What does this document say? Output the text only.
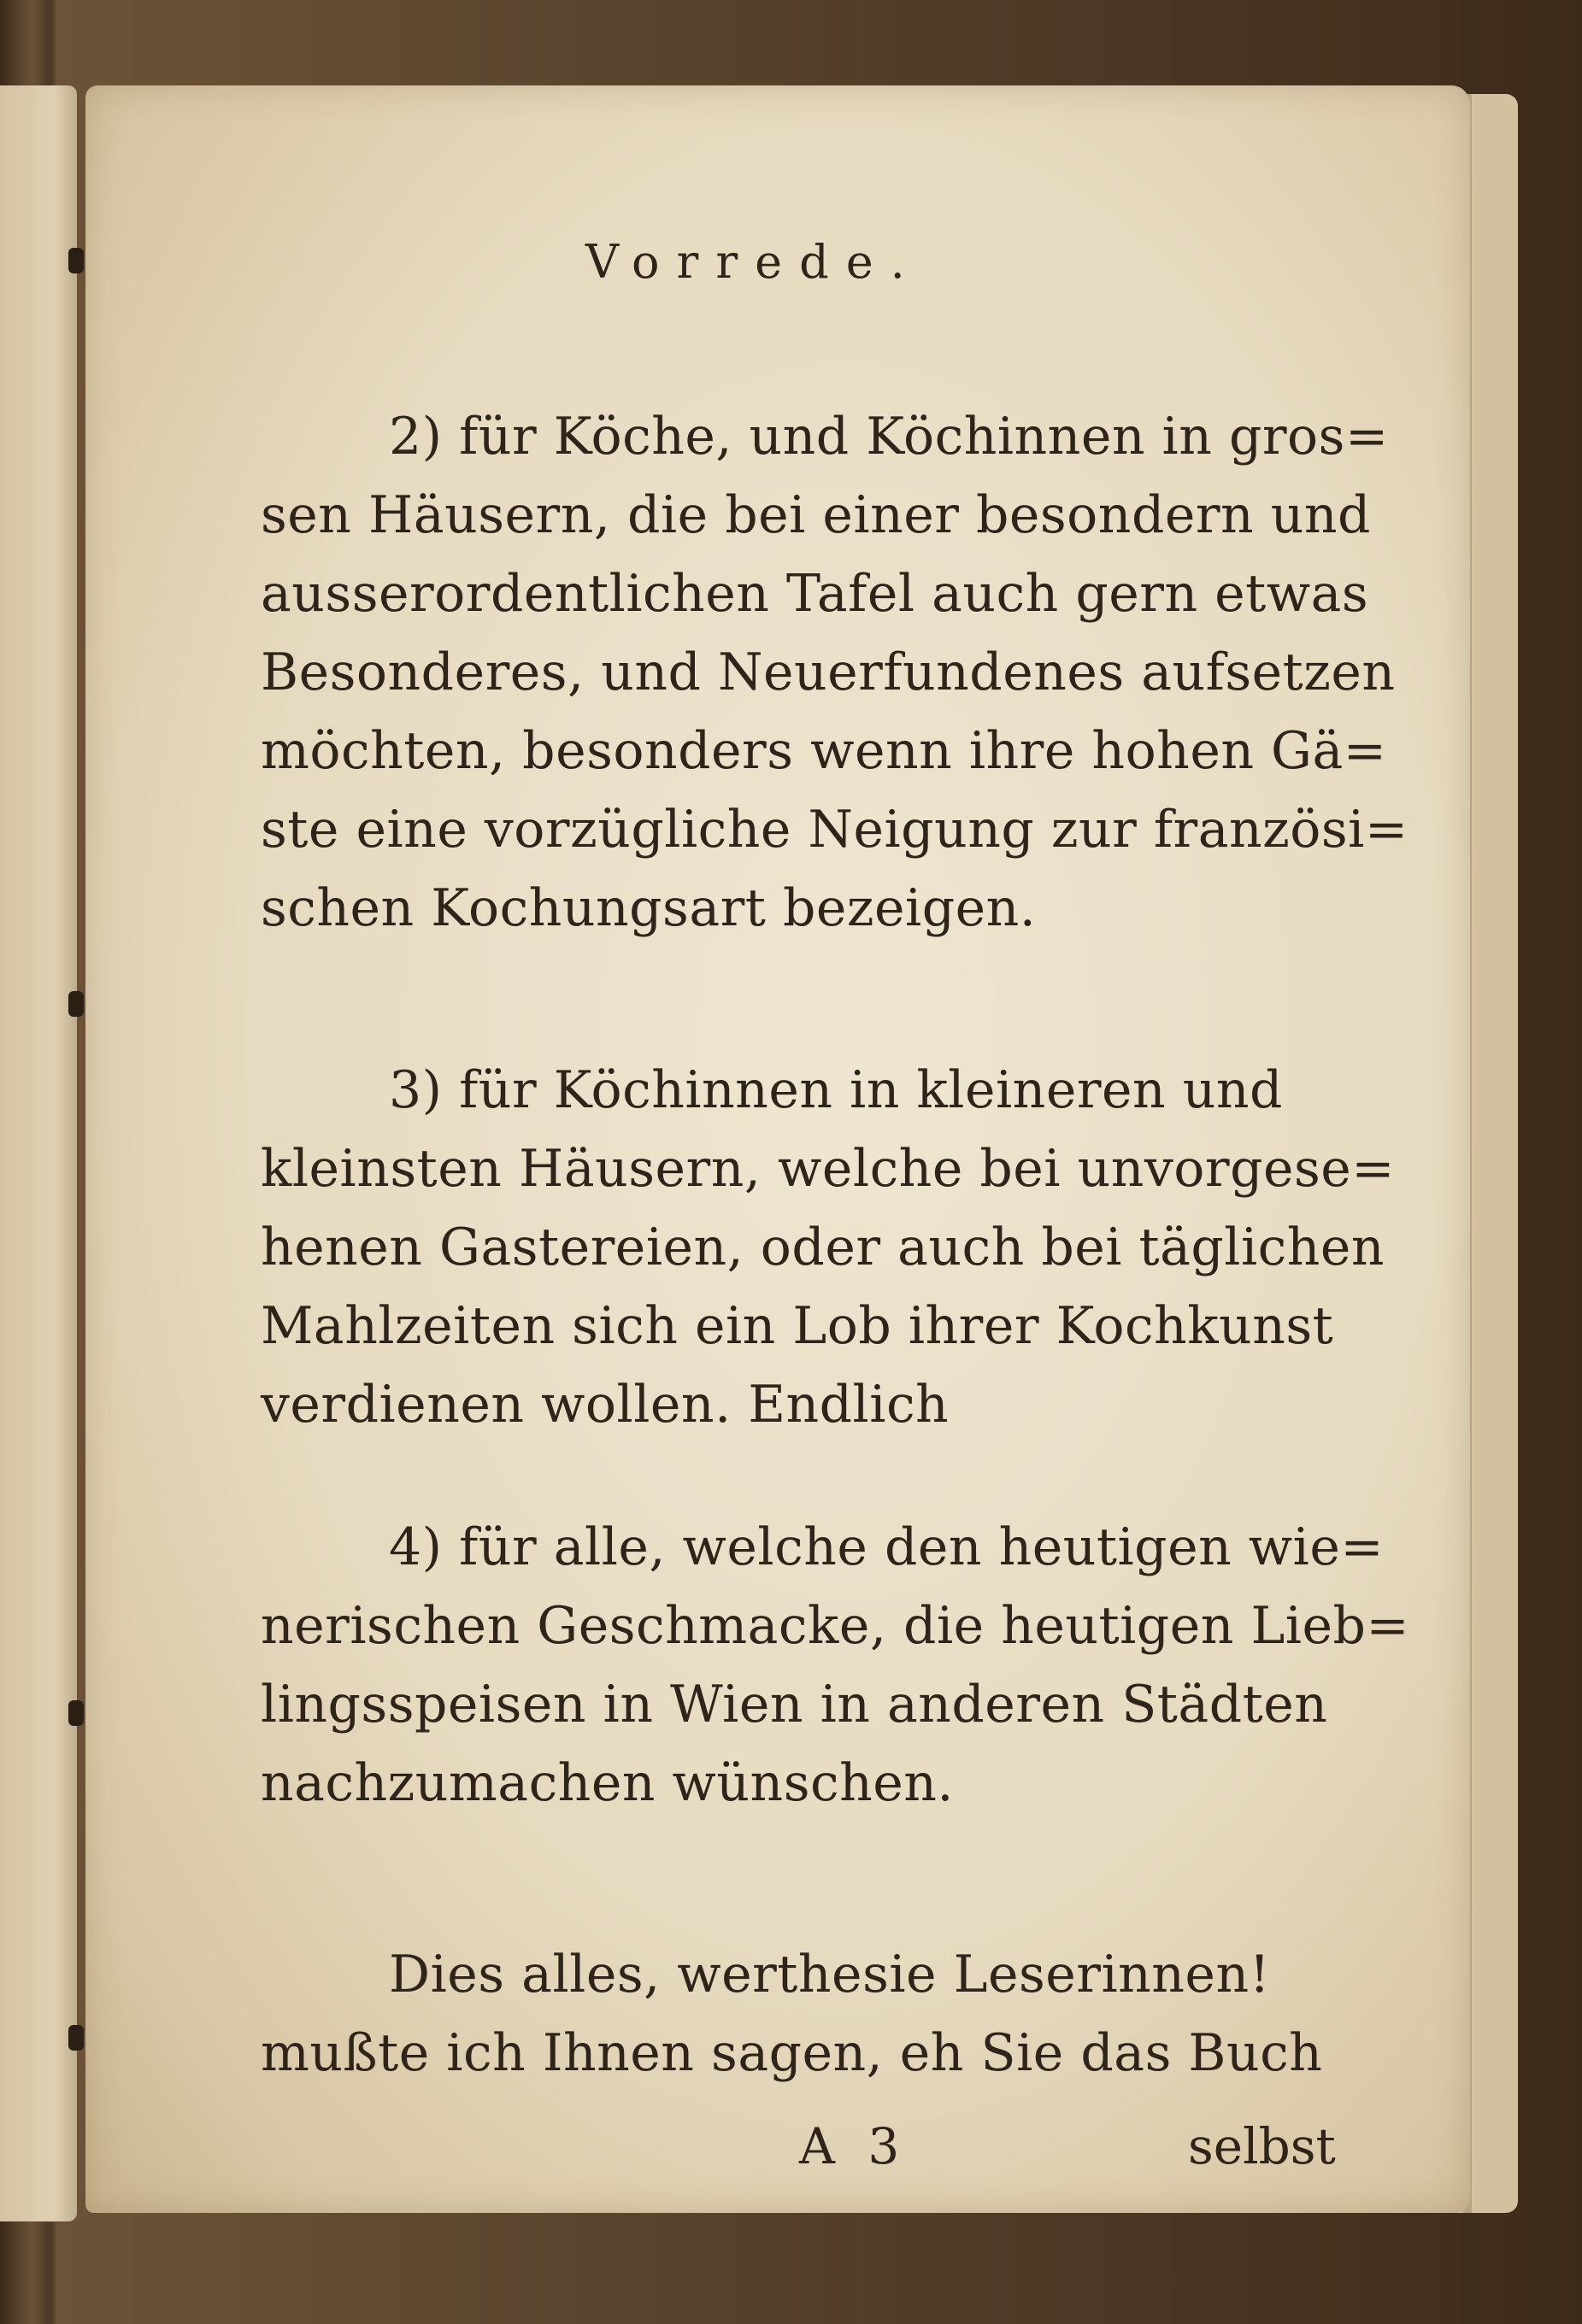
Vorrede.
2) für Köche, und Köchinnen in gros=
sen Häusern, die bei einer besondern und
ausserordentlichen Tafel auch gern etwas
Besonderes, und Neuerfundenes aufsetzen
möchten, besonders wenn ihre hohen Gä=
ste eine vorzügliche Neigung zur französi=
schen Kochungsart bezeigen.
3) für Köchinnen in kleineren und
kleinsten Häusern, welche bei unvorgese=
henen Gastereien, oder auch bei täglichen
Mahlzeiten sich ein Lob ihrer Kochkunst
verdienen wollen. Endlich
4) für alle, welche den heutigen wie=
nerischen Geschmacke, die heutigen Lieb=
lingsspeisen in Wien in anderen Städten
nachzumachen wünschen.
Dies alles, werthesie Leserinnen!
mußte ich Ihnen sagen, eh Sie das Buch
A 3	selbst
